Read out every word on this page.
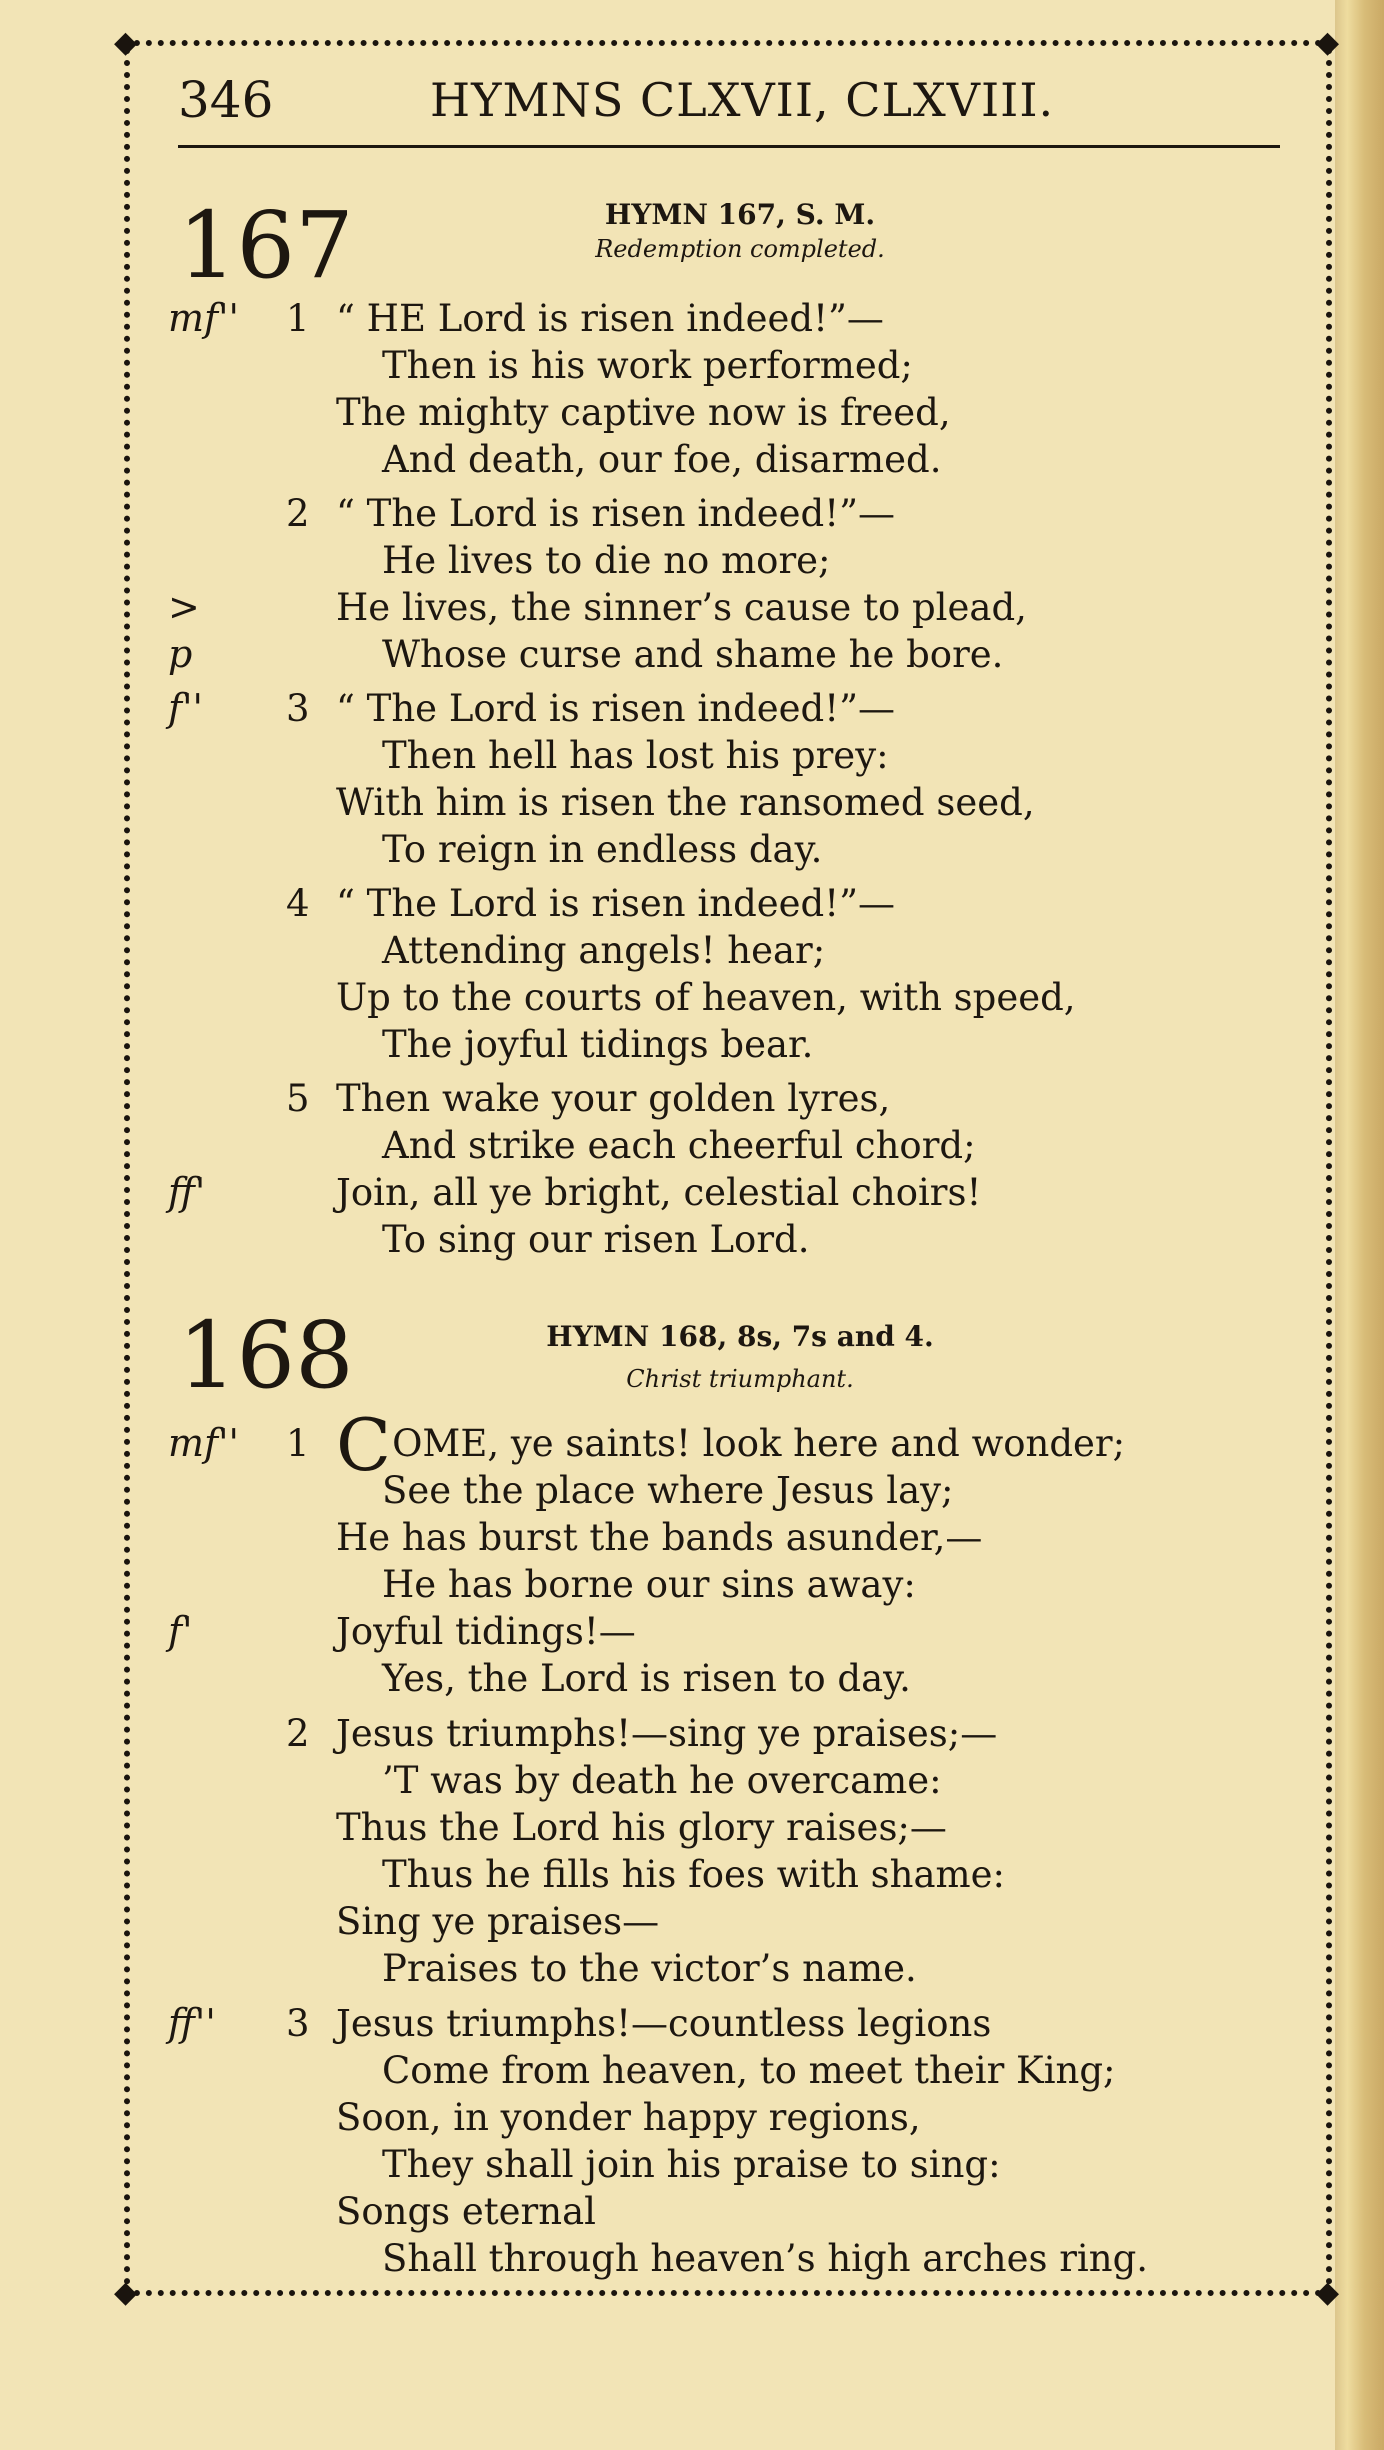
◆	◆
◆	◆
346	HYMNS CLXVII, CLXVIII.
167	HYMN 167, S. M.
Redemption completed.
mf'' 1 “ HE Lord is risen indeed!”—
Then is his work performed;
The mighty captive now is freed,
And death, our foe, disarmed.
2 “ The Lord is risen indeed!”—
He lives to die no more;
>	He lives, the sinner’s cause to plead,
p	Whose curse and shame he bore.
f'' 3 “ The Lord is risen indeed!”—
Then hell has lost his prey:
With him is risen the ransomed seed,
To reign in endless day.
4 “ The Lord is risen indeed!”—
Attending angels! hear;
Up to the courts of heaven, with speed,
The joyful tidings bear.
5 Then wake your golden lyres,
And strike each cheerful chord;
ff'	Join, all ye bright, celestial choirs!
To sing our risen Lord.
168	HYMN 168, 8s, 7s and 4.
Christ triumphant.
mf'' 1 COME, ye saints! look here and wonder;
See the place where Jesus lay;
He has burst the bands asunder,—
He has borne our sins away:
f'	Joyful tidings!—
Yes, the Lord is risen to day.
2 Jesus triumphs!—sing ye praises;—
’T was by death he overcame:
Thus the Lord his glory raises;—
Thus he fills his foes with shame:
Sing ye praises—
Praises to the victor’s name.
ff'' 3 Jesus triumphs!—countless legions
Come from heaven, to meet their King;
Soon, in yonder happy regions,
They shall join his praise to sing:
Songs eternal
Shall through heaven’s high arches ring.
